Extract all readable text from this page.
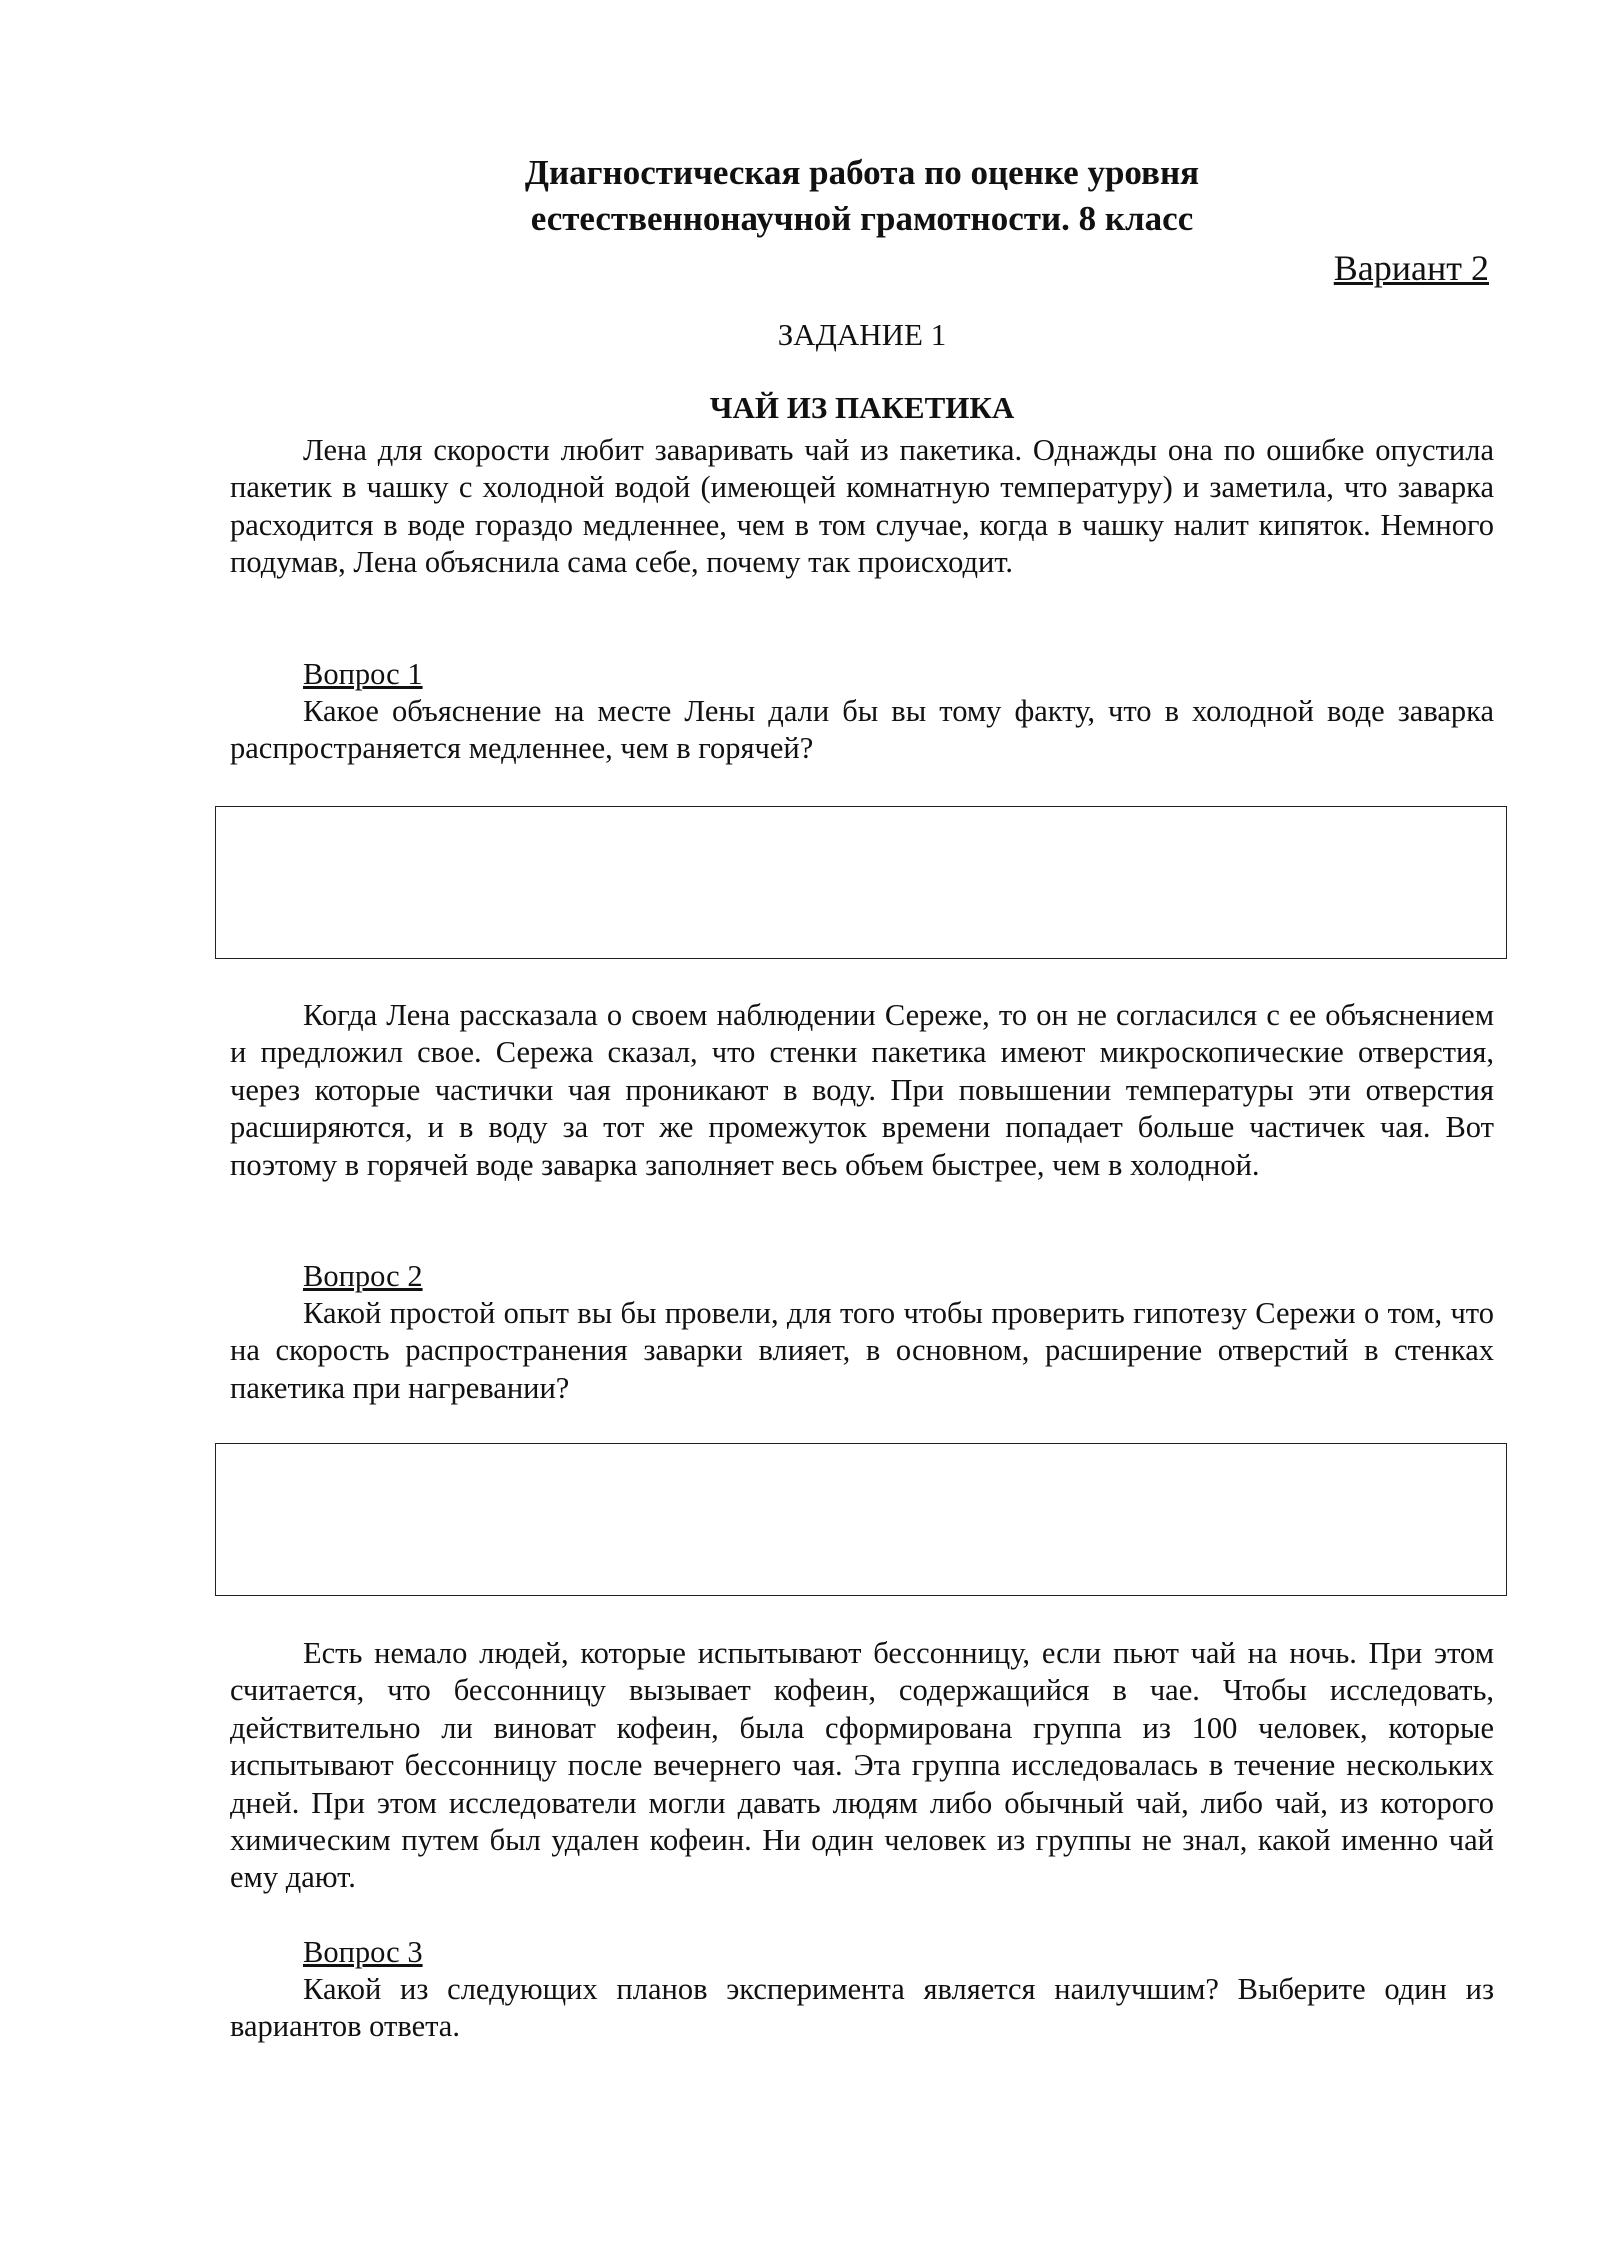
Диагностическая работа по оценке уровня
естественнонаучной грамотности. 8 класс
Вариант 2
ЗАДАНИЕ 1
ЧАЙ ИЗ ПАКЕТИКА

Лена для скорости любит заваривать чай из пакетика. Однажды она по ошибке опустила пакетик в чашку с холодной водой (имеющей комнатную температуру) и заметила, что заварка расходится в воде гораздо медленнее, чем в том случае, когда в чашку налит кипяток. Немного подумав, Лена объяснила сама себе, почему так происходит.

Вопрос 1

Какое объяснение на месте Лены дали бы вы тому факту, что в холодной воде заварка распространяется медленнее, чем в горячей?

Когда Лена рассказала о своем наблюдении Сереже, то он не согласился с ее объяснением и предложил свое. Сережа сказал, что стенки пакетика имеют микроскопические отверстия, через которые частички чая проникают в воду. При повышении температуры эти отверстия расширяются, и в воду за тот же промежуток времени попадает больше частичек чая. Вот поэтому в горячей воде заварка заполняет весь объем быстрее, чем в холодной.

Вопрос 2

Какой простой опыт вы бы провели, для того чтобы проверить гипотезу Сережи о том, что на скорость распространения заварки влияет, в основном, расширение отверстий в стенках пакетика при нагревании?

Есть немало людей, которые испытывают бессонницу, если пьют чай на ночь. При этом считается, что бессонницу вызывает кофеин, содержащийся в чае. Чтобы исследовать, действительно ли виноват кофеин, была сформирована группа из 100 человек, которые испытывают бессонницу после вечернего чая. Эта группа исследовалась в течение нескольких дней. При этом исследователи могли давать людям либо обычный чай, либо чай, из которого химическим путем был удален кофеин. Ни один человек из группы не знал, какой именно чай ему дают.

Вопрос 3

Какой из следующих планов эксперимента является наилучшим? Выберите один из вариантов ответа.
